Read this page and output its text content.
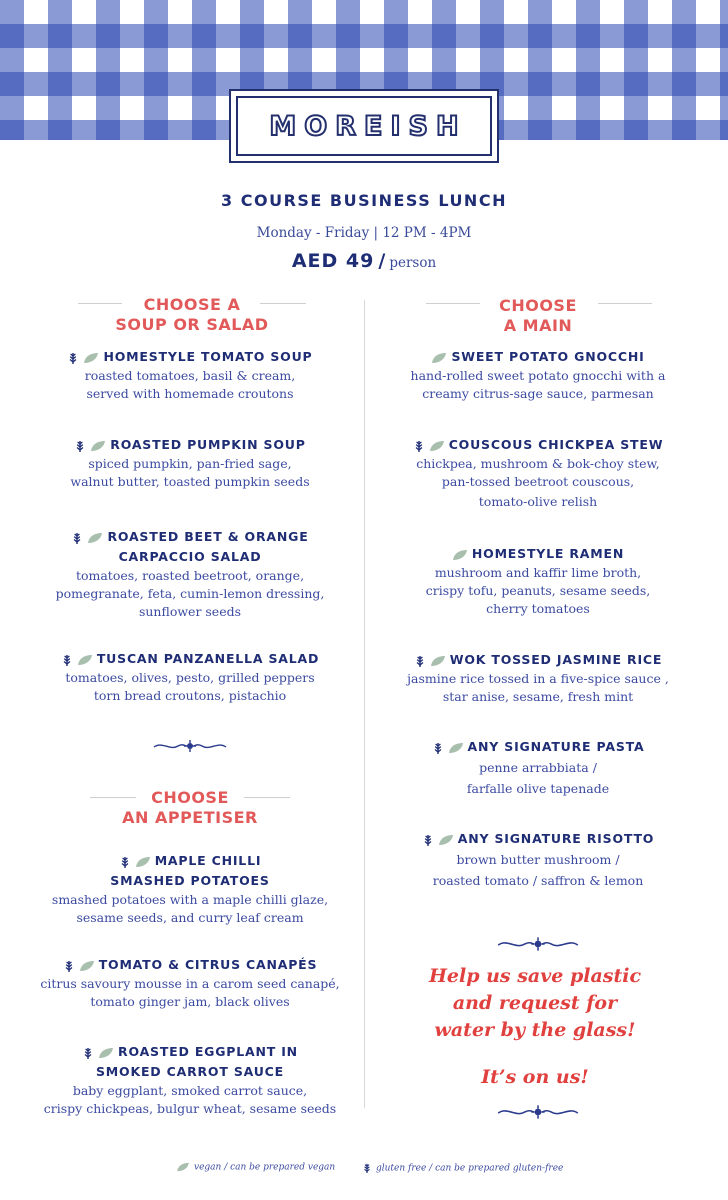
MOREISH
3 COURSE BUSINESS LUNCH
Monday - Friday | 12 PM - 4PM
AED 49 / person
CHOOSE A
SOUP OR SALAD
HOMESTYLE TOMATO SOUP
roasted tomatoes, basil & cream,
served with homemade croutons
ROASTED PUMPKIN SOUP
spiced pumpkin, pan-fried sage,
walnut butter, toasted pumpkin seeds
ROASTED BEET & ORANGE
CARPACCIO SALAD
tomatoes, roasted beetroot, orange,
pomegranate, feta, cumin-lemon dressing,
sunflower seeds
TUSCAN PANZANELLA SALAD
tomatoes, olives, pesto, grilled peppers
torn bread croutons, pistachio
CHOOSE
AN APPETISER
MAPLE CHILLI
SMASHED POTATOES
smashed potatoes with a maple chilli glaze,
sesame seeds, and curry leaf cream
TOMATO & CITRUS CANAPÉS
citrus savoury mousse in a carom seed canapé,
tomato ginger jam, black olives
ROASTED EGGPLANT IN
SMOKED CARROT SAUCE
baby eggplant, smoked carrot sauce,
crispy chickpeas, bulgur wheat, sesame seeds
CHOOSE
A MAIN
SWEET POTATO GNOCCHI
hand-rolled sweet potato gnocchi with a
creamy citrus-sage sauce, parmesan
COUSCOUS CHICKPEA STEW
chickpea, mushroom & bok-choy stew,
pan-tossed beetroot couscous,
tomato-olive relish
HOMESTYLE RAMEN
mushroom and kaffir lime broth,
crispy tofu, peanuts, sesame seeds,
cherry tomatoes
WOK TOSSED JASMINE RICE
jasmine rice tossed in a five-spice sauce ,
star anise, sesame, fresh mint
ANY SIGNATURE PASTA
penne arrabbiata /
farfalle olive tapenade
ANY SIGNATURE RISOTTO
brown butter mushroom /
roasted tomato / saffron & lemon
Help us save plastic
and request for
water by the glass!
It’s on us!
vegan / can be prepared vegan	gluten free / can be prepared gluten-free
